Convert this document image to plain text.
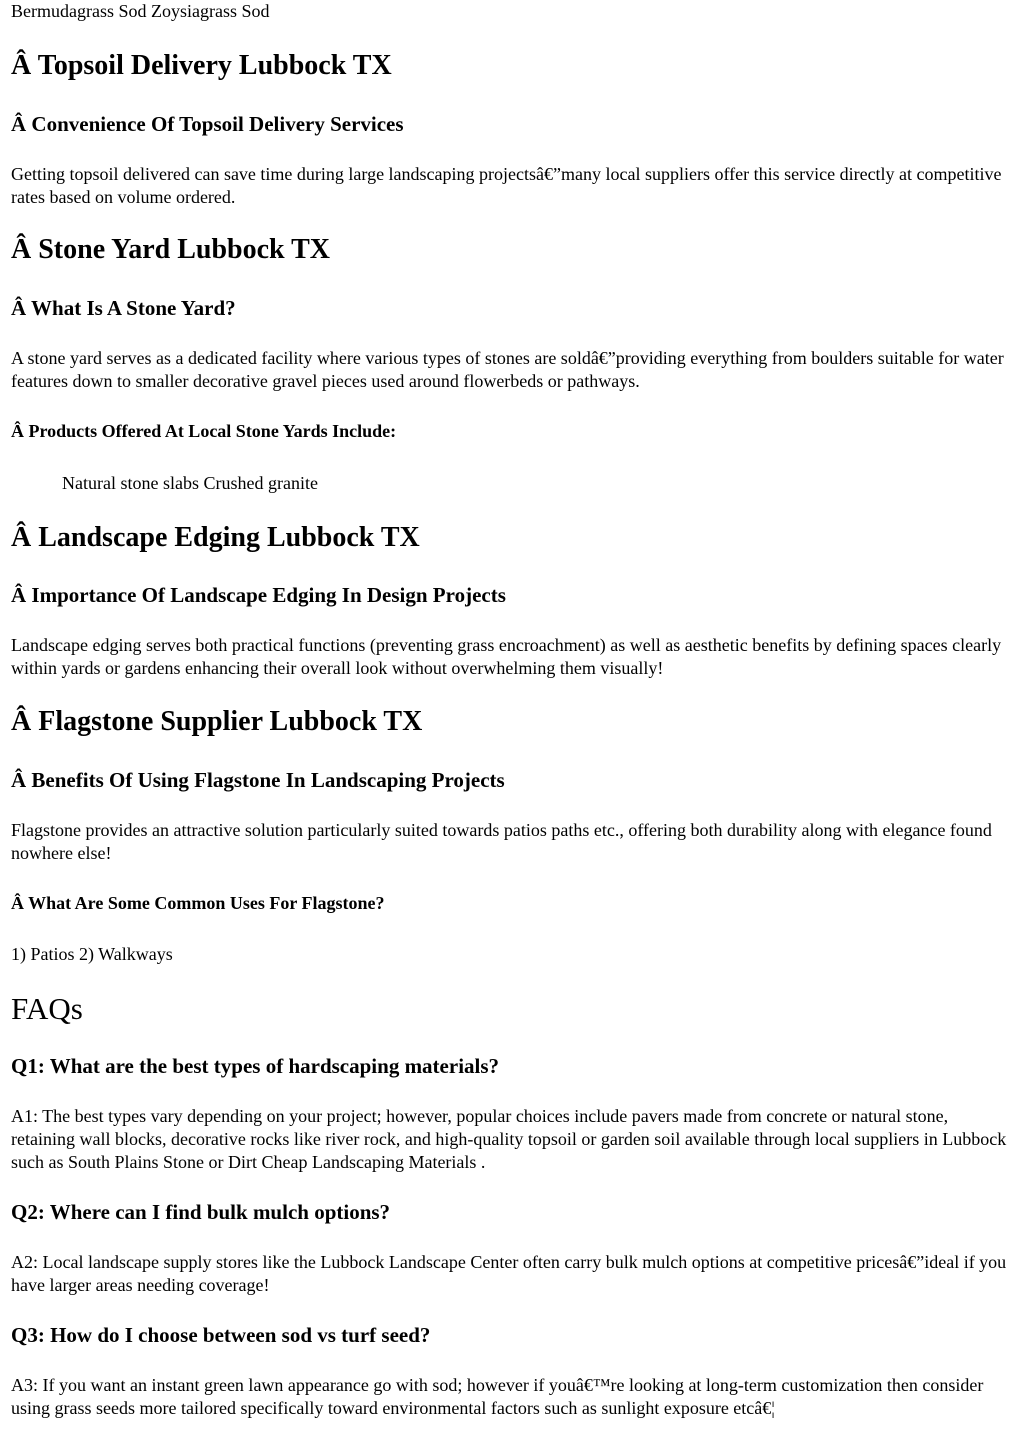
Bermudagrass Sod Zoysiagrass Sod

Â Topsoil Delivery Lubbock TX
Â Convenience Of Topsoil Delivery Services

Getting topsoil delivered can save time during large landscaping projectsâ€”many local suppliers offer this service directly at competitive rates based on volume ordered.

Â Stone Yard Lubbock TX
Â What Is A Stone Yard?

A stone yard serves as a dedicated facility where various types of stones are soldâ€”providing everything from boulders suitable for water features down to smaller decorative gravel pieces used around flowerbeds or pathways.

Â Products Offered At Local Stone Yards Include:

Natural stone slabs Crushed granite

Â Landscape Edging Lubbock TX
Â Importance Of Landscape Edging In Design Projects

Landscape edging serves both practical functions (preventing grass encroachment) as well as aesthetic benefits by defining spaces clearly within yards or gardens enhancing their overall look without overwhelming them visually!

Â Flagstone Supplier Lubbock TX
Â Benefits Of Using Flagstone In Landscaping Projects

Flagstone provides an attractive solution particularly suited towards patios paths etc., offering both durability along with elegance found nowhere else!

Â What Are Some Common Uses For Flagstone?

1) Patios 2) Walkways

FAQs
Q1: What are the best types of hardscaping materials?

A1: The best types vary depending on your project; however, popular choices include pavers made from concrete or natural stone, retaining wall blocks, decorative rocks like river rock, and high-quality topsoil or garden soil available through local suppliers in Lubbock such as South Plains Stone or Dirt Cheap Landscaping Materials .

Q2: Where can I find bulk mulch options?

A2: Local landscape supply stores like the Lubbock Landscape Center often carry bulk mulch options at competitive pricesâ€”ideal if you have larger areas needing coverage!

Q3: How do I choose between sod vs turf seed?

A3: If you want an instant green lawn appearance go with sod; however if youâ€™re looking at long-term customization then consider using grass seeds more tailored specifically toward environmental factors such as sunlight exposure etcâ€¦
